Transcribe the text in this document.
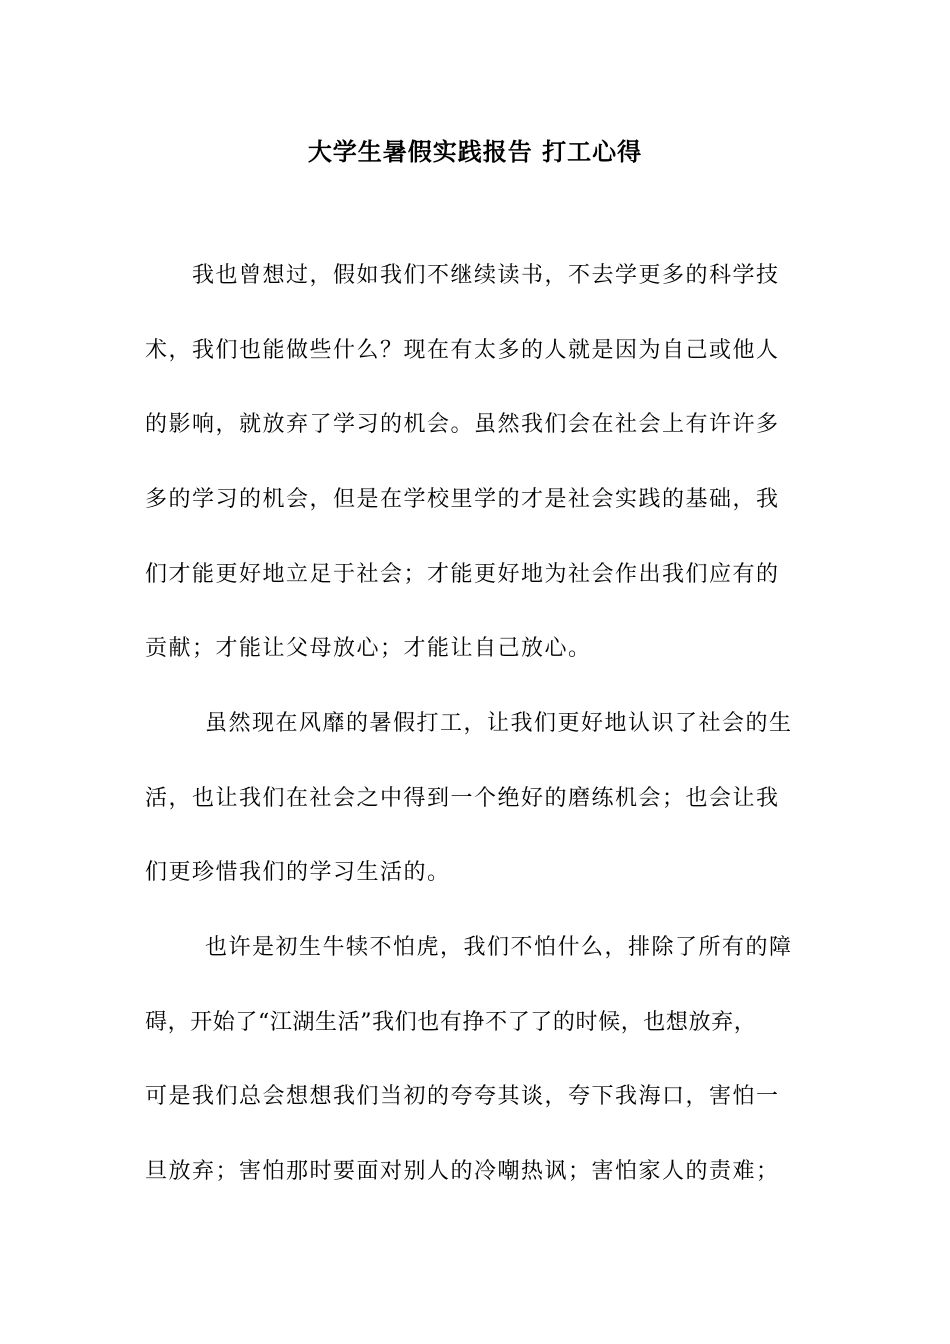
大学生暑假实践报告 打工心得
我也曾想过，假如我们不继续读书，不去学更多的科学技
术，我们也能做些什么？现在有太多的人就是因为自己或他人
的影响，就放弃了学习的机会。虽然我们会在社会上有许许多
多的学习的机会，但是在学校里学的才是社会实践的基础，我
们才能更好地立足于社会；才能更好地为社会作出我们应有的
贡献；才能让父母放心；才能让自己放心。
虽然现在风靡的暑假打工，让我们更好地认识了社会的生
活，也让我们在社会之中得到一个绝好的磨练机会；也会让我
们更珍惜我们的学习生活的。
也许是初生牛犊不怕虎，我们不怕什么，排除了所有的障
碍，开始了“江湖生活”我们也有挣不了了的时候，也想放弃，
可是我们总会想想我们当初的夸夸其谈，夸下我海口，害怕一
旦放弃；害怕那时要面对别人的冷嘲热讽；害怕家人的责难；
